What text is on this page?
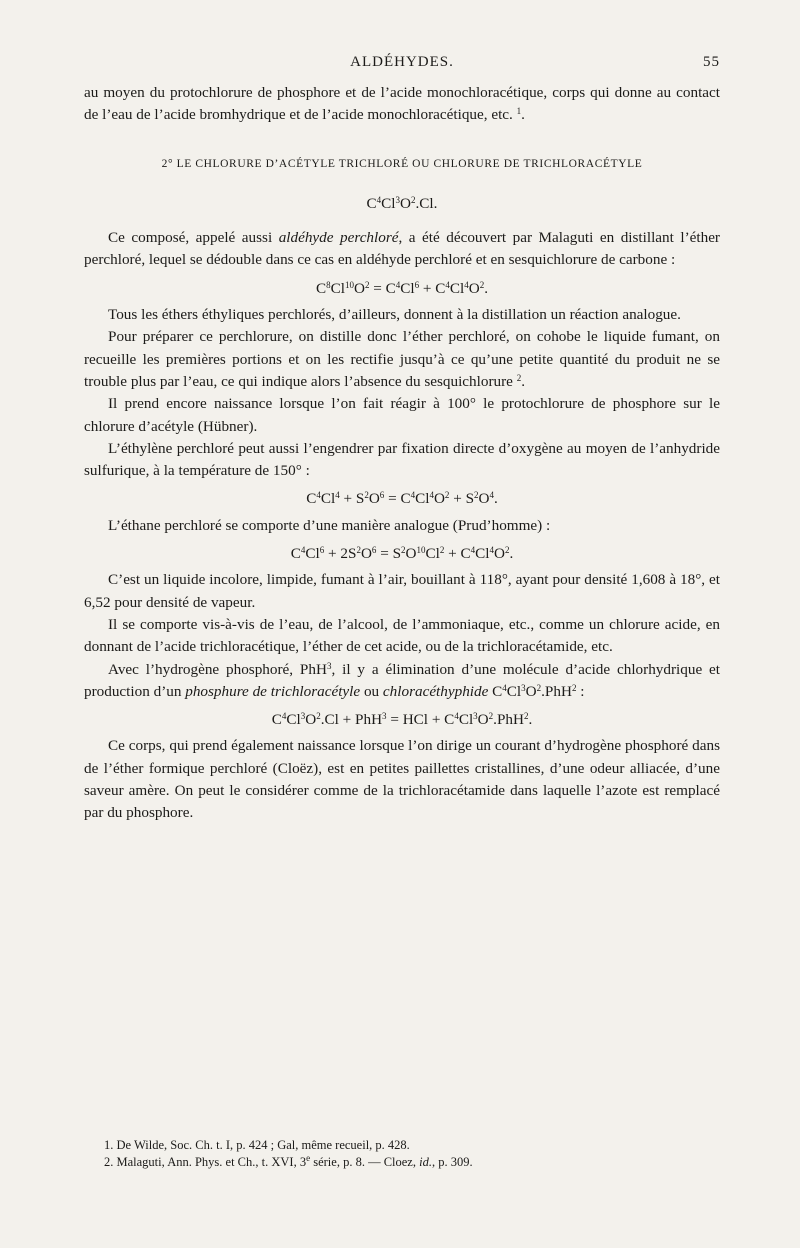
ALDÉHYDES.	55

au moyen du protochlorure de phosphore et de l’acide monochloracétique, corps qui donne au contact de l’eau de l’acide bromhydrique et de l’acide monochloracétique, etc. $^1$.

2° LE CHLORURE D’ACÉTYLE TRICHLORÉ OU CHLORURE DE TRICHLORACÉTYLE

$C^4Cl^3O^2.Cl$.

Ce composé, appelé aussi aldéhyde perchloré, a été découvert par Malaguti en distillant l’éther perchloré, lequel se dédouble dans ce cas en aldéhyde perchloré et en sesquichlorure de carbone :

$C^8Cl^{10}O^2 = C^4Cl^6 + C^4Cl^4O^2$.

Tous les éthers éthyliques perchlorés, d’ailleurs, donnent à la distillation un réaction analogue.

Pour préparer ce perchlorure, on distille donc l’éther perchloré, on cohobe le liquide fumant, on recueille les premières portions et on les rectifie jusqu’à ce qu’une petite quantité du produit ne se trouble plus par l’eau, ce qui indique alors l’absence du sesquichlorure $^2$.

Il prend encore naissance lorsque l’on fait réagir à 100° le protochlorure de phosphore sur le chlorure d’acétyle (Hübner).

L’éthylène perchloré peut aussi l’engendrer par fixation directe d’oxygène au moyen de l’anhydride sulfurique, à la température de 150° :

$C^4Cl^4 + S^2O^6 = C^4Cl^4O^2 + S^2O^4$.

L’éthane perchloré se comporte d’une manière analogue (Prud’homme) :

$C^4Cl^6 + 2S^2O^6 = S^2O^{10}Cl^2 + C^4Cl^4O^2$.

C’est un liquide incolore, limpide, fumant à l’air, bouillant à 118°, ayant pour densité 1,608 à 18°, et 6,52 pour densité de vapeur.

Il se comporte vis-à-vis de l’eau, de l’alcool, de l’ammoniaque, etc., comme un chlorure acide, en donnant de l’acide trichloracétique, l’éther de cet acide, ou de la trichloracétamide, etc.

Avec l’hydrogène phosphoré, PhH$^3$, il y a élimination d’une molécule d’acide chlorhydrique et production d’un phosphure de trichloracétyle ou chloracéthyphide $C^4Cl^3O^2.PhH^2$ :

$C^4Cl^3O^2.Cl + PhH^3$ = HCl + $C^4Cl^3O^2.PhH^2$.

Ce corps, qui prend également naissance lorsque l’on dirige un courant d’hydrogène phosphoré dans de l’éther formique perchloré (Cloëz), est en petites paillettes cristallines, d’une odeur alliacée, d’une saveur amère. On peut le considérer comme de la trichloracétamide dans laquelle l’azote est remplacé par du phosphore.

1. De Wilde, Soc. Ch. t. I, p. 424 ; Gal, même recueil, p. 428.
2. Malaguti, Ann. Phys. et Ch., t. XVI, 3e série, p. 8. — Cloez, id., p. 309.
